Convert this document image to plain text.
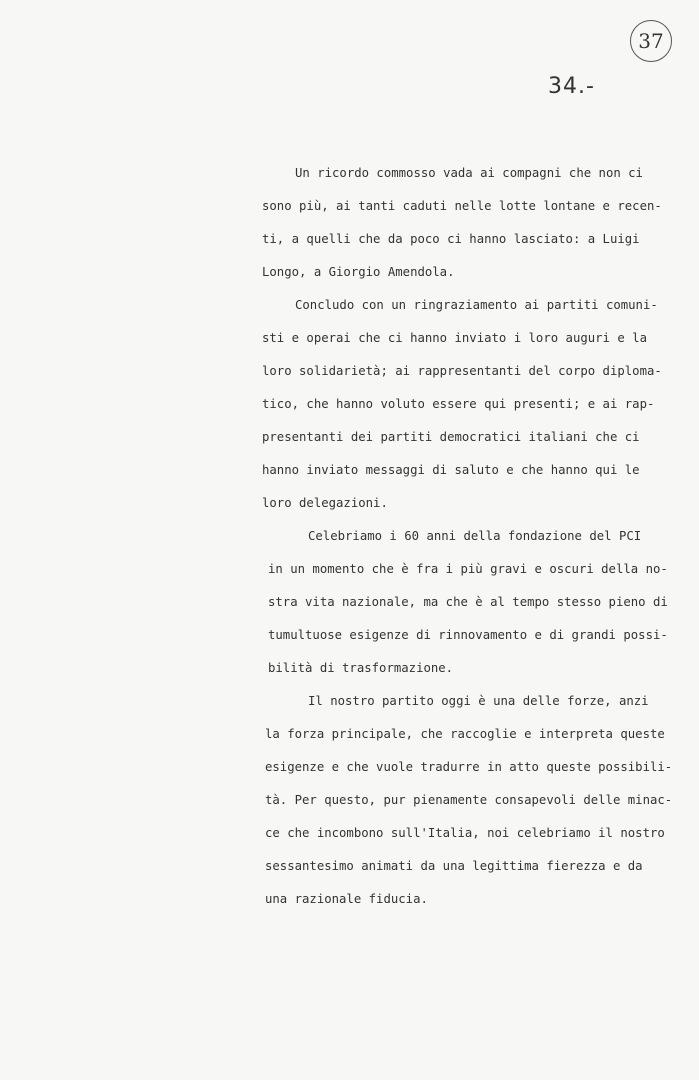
37
34.-
Un ricordo commosso vada ai compagni che non ci
sono più, ai tanti caduti nelle lotte lontane e recen-
ti, a quelli che da poco ci hanno lasciato: a Luigi
Longo, a Giorgio Amendola.
Concludo con un ringraziamento ai partiti comuni-
sti e operai che ci hanno inviato i loro auguri e la
loro solidarietà; ai rappresentanti del corpo diploma-
tico, che hanno voluto essere qui presenti; e ai rap-
presentanti dei partiti democratici italiani che ci
hanno inviato messaggi di saluto e che hanno qui le
loro delegazioni.
Celebriamo i 60 anni della fondazione del PCI
in un momento che è fra i più gravi e oscuri della no-
stra vita nazionale, ma che è al tempo stesso pieno di
tumultuose esigenze di rinnovamento e di grandi possi-
bilità di trasformazione.
Il nostro partito oggi è una delle forze, anzi
la forza principale, che raccoglie e interpreta queste
esigenze e che vuole tradurre in atto queste possibili-
tà. Per questo, pur pienamente consapevoli delle minac-
ce che incombono sull'Italia, noi celebriamo il nostro
sessantesimo animati da una legittima fierezza e da
una razionale fiducia.
